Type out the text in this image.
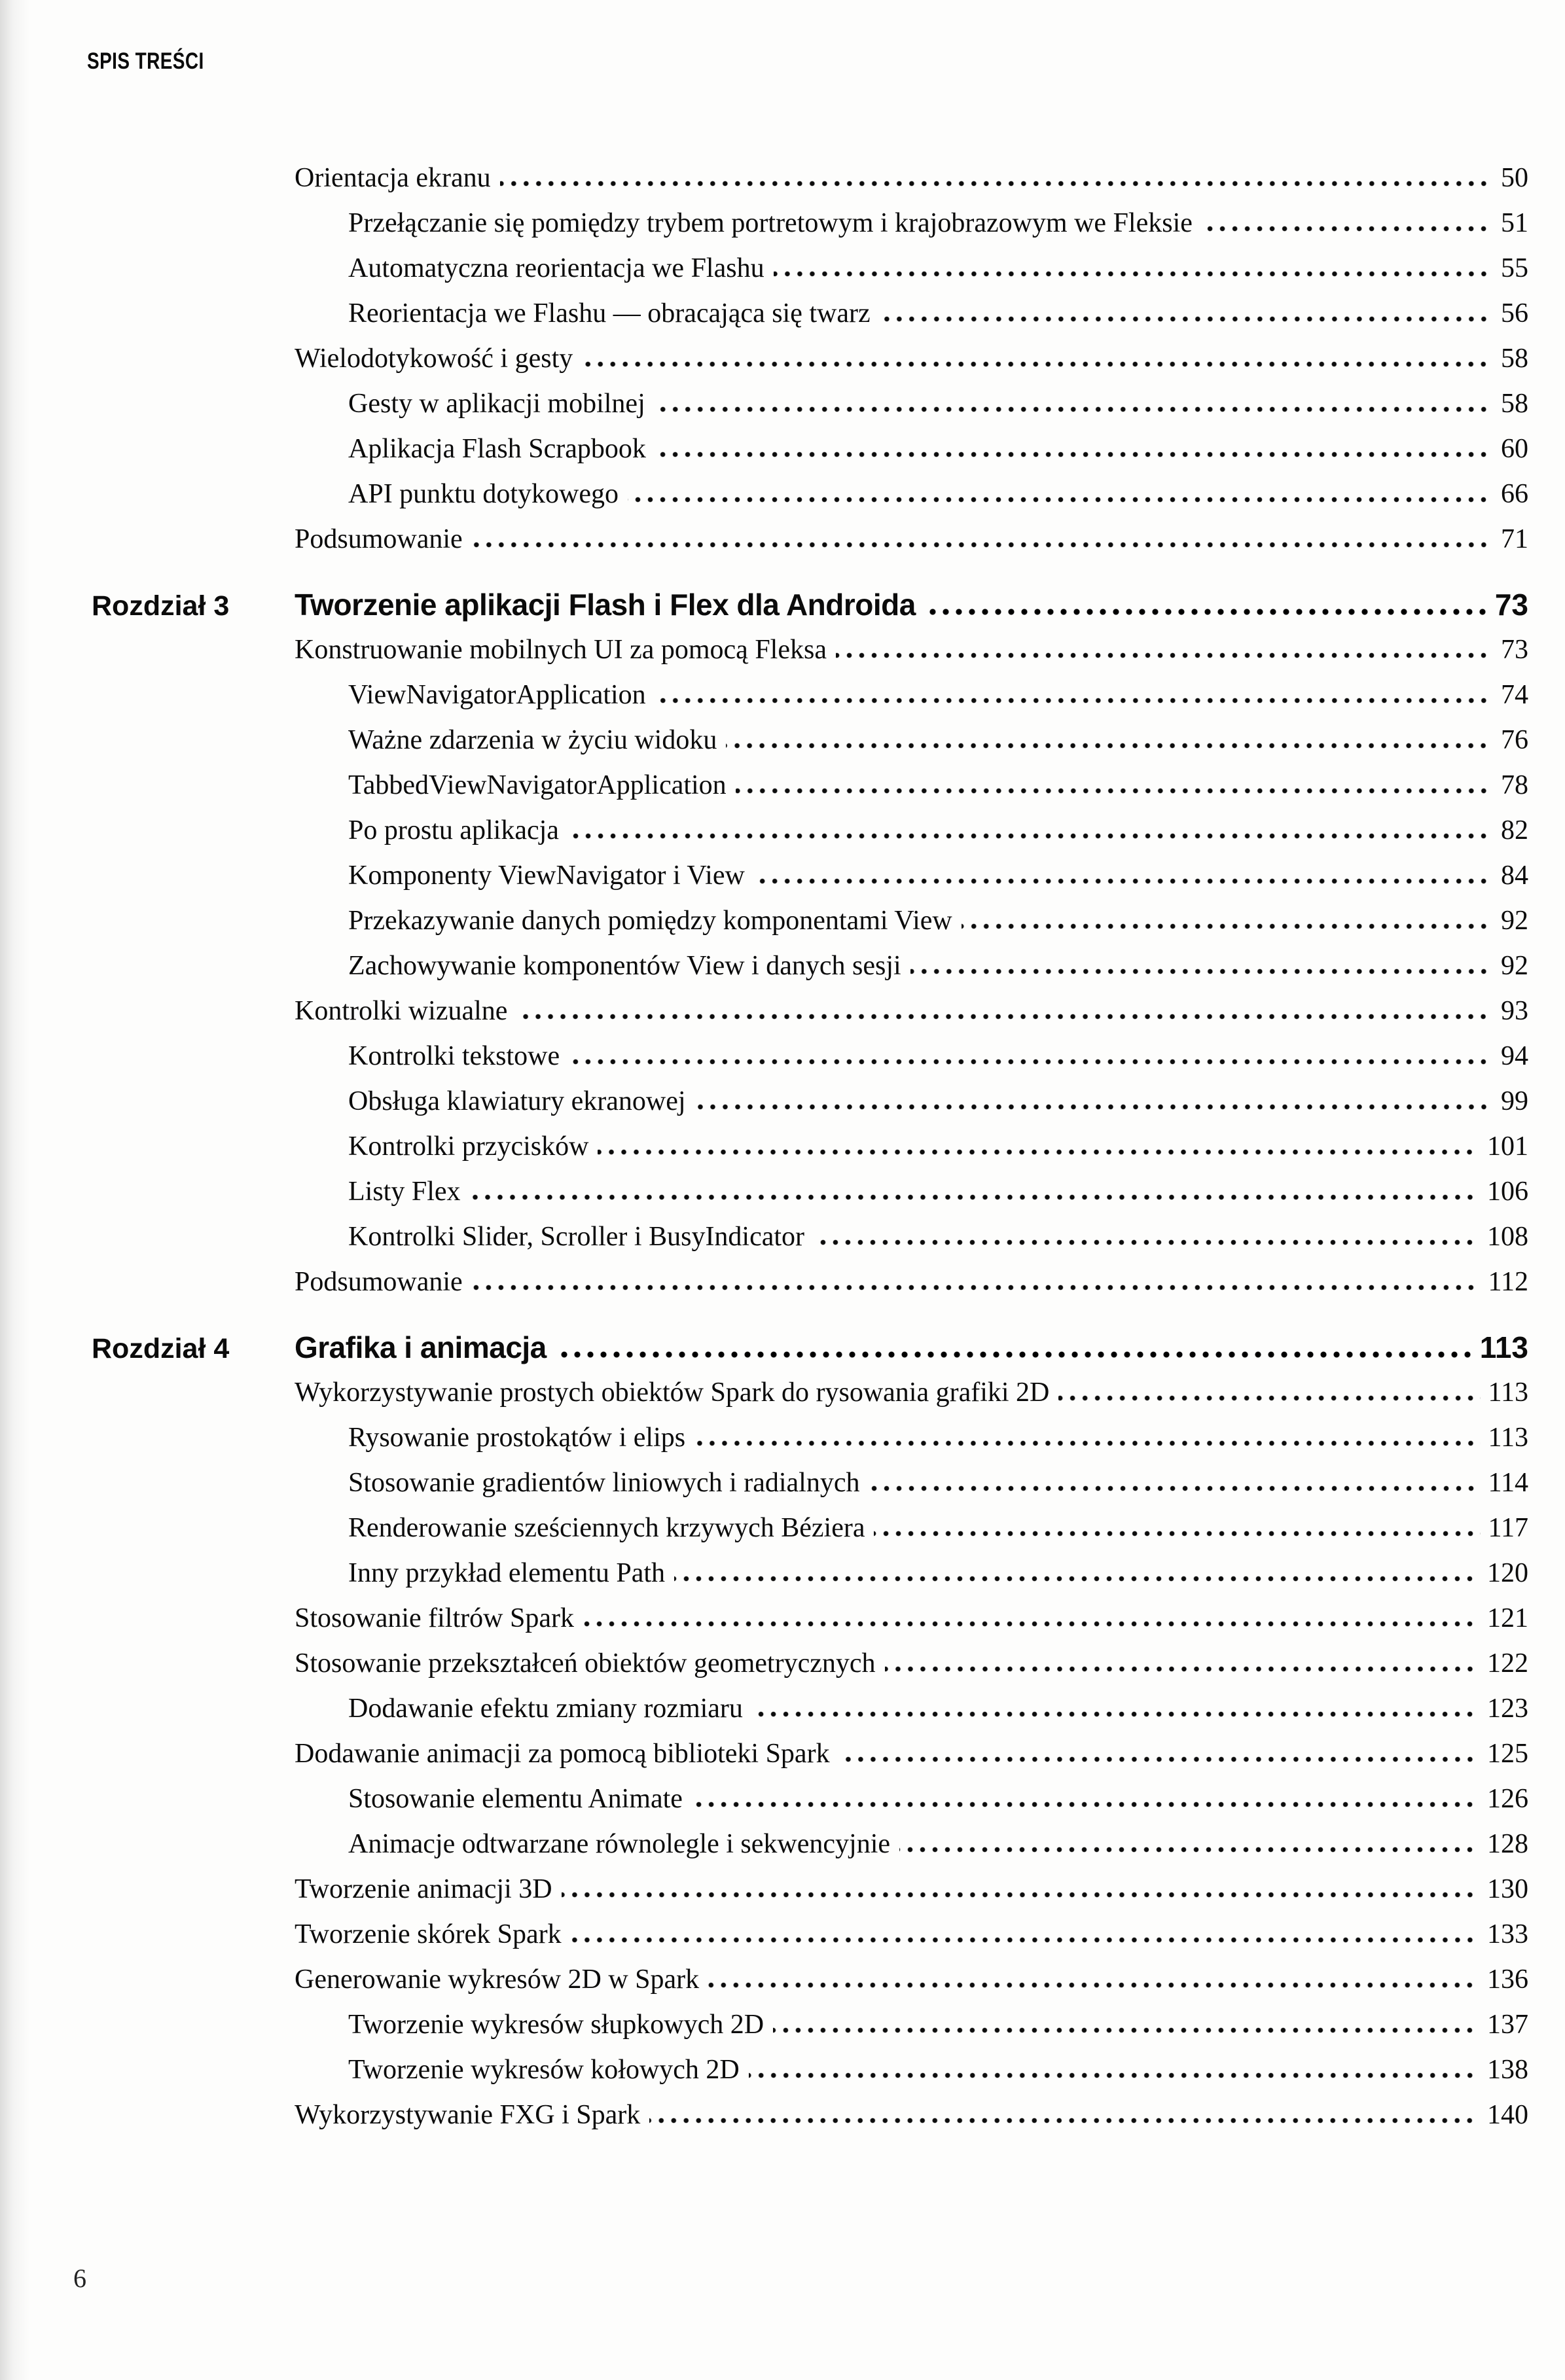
SPIS TREŚCI
Orientacja ekranu	50
Przełączanie się pomiędzy trybem portretowym i krajobrazowym we Fleksie	51
Automatyczna reorientacja we Flashu	55
Reorientacja we Flashu — obracająca się twarz	56
Wielodotykowość i gesty	58
Gesty w aplikacji mobilnej	58
Aplikacja Flash Scrapbook	60
API punktu dotykowego	66
Podsumowanie	71
Rozdział 3	Tworzenie aplikacji Flash i Flex dla Androida	73
Konstruowanie mobilnych UI za pomocą Fleksa	73
ViewNavigatorApplication	74
Ważne zdarzenia w życiu widoku	76
TabbedViewNavigatorApplication	78
Po prostu aplikacja	82
Komponenty ViewNavigator i View	84
Przekazywanie danych pomiędzy komponentami View	92
Zachowywanie komponentów View i danych sesji	92
Kontrolki wizualne	93
Kontrolki tekstowe	94
Obsługa klawiatury ekranowej	99
Kontrolki przycisków	101
Listy Flex	106
Kontrolki Slider, Scroller i BusyIndicator	108
Podsumowanie	112
Rozdział 4	Grafika i animacja	113
Wykorzystywanie prostych obiektów Spark do rysowania grafiki 2D	113
Rysowanie prostokątów i elips	113
Stosowanie gradientów liniowych i radialnych	114
Renderowanie sześciennych krzywych Béziera	117
Inny przykład elementu Path	120
Stosowanie filtrów Spark	121
Stosowanie przekształceń obiektów geometrycznych	122
Dodawanie efektu zmiany rozmiaru	123
Dodawanie animacji za pomocą biblioteki Spark	125
Stosowanie elementu Animate	126
Animacje odtwarzane równolegle i sekwencyjnie	128
Tworzenie animacji 3D	130
Tworzenie skórek Spark	133
Generowanie wykresów 2D w Spark	136
Tworzenie wykresów słupkowych 2D	137
Tworzenie wykresów kołowych 2D	138
Wykorzystywanie FXG i Spark	140
6
